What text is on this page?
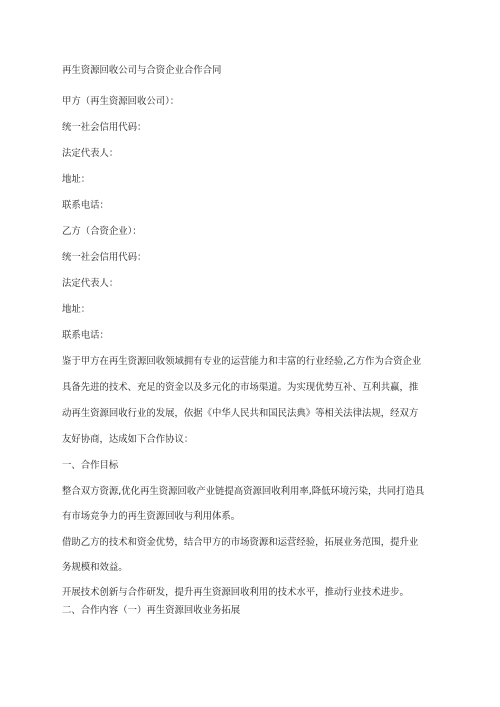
再生资源回收公司与合资企业合作合同
甲方（再生资源回收公司）：
统一社会信用代码：
法定代表人：
地址：
联系电话：
乙方（合资企业）：
统一社会信用代码：
法定代表人：
地址：
联系电话：
鉴于甲方在再生资源回收领域拥有专业的运营能力和丰富的行业经验,乙方作为合资企业
具备先进的技术、充足的资金以及多元化的市场渠道。为实现优势互补、互利共赢，推
动再生资源回收行业的发展，依据《中华人民共和国民法典》等相关法律法规，经双方
友好协商，达成如下合作协议：
一、合作目标
整合双方资源,优化再生资源回收产业链提高资源回收利用率,降低环境污染，共同打造具
有市场竞争力的再生资源回收与利用体系。
借助乙方的技术和资金优势，结合甲方的市场资源和运营经验，拓展业务范围，提升业
务规模和效益。
开展技术创新与合作研发，提升再生资源回收利用的技术水平，推动行业技术进步。
二、合作内容（一）再生资源回收业务拓展
